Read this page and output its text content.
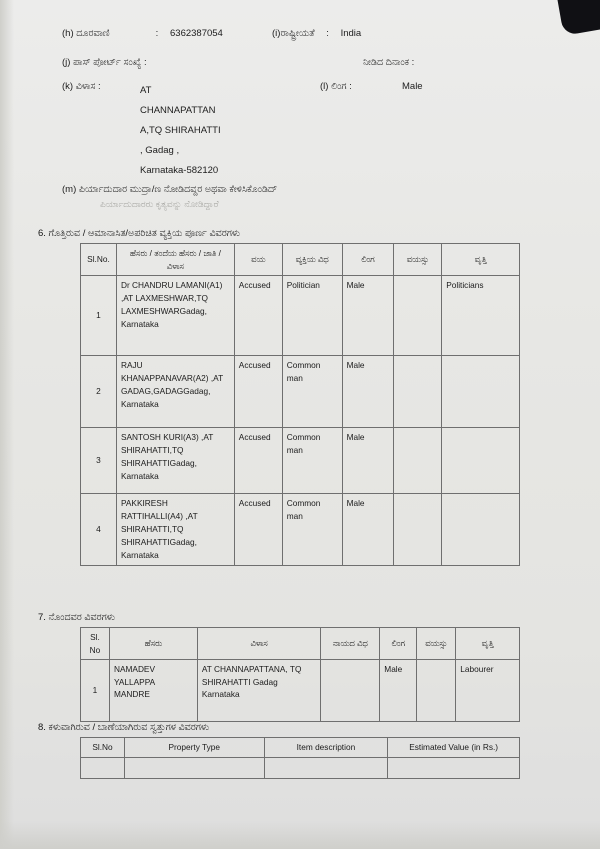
(h) ದೂರವಾಣಿ	:	6362387054	(i)ರಾಷ್ಟ್ರೀಯತೆ	:	India
(j) ಪಾಸ್ ಪೋರ್ಟ್ ಸಂಖ್ಯೆ :	ನೀಡಿದ ದಿನಾಂಕ :
(k) ವಿಳಾಸ :	(l) ಲಿಂಗ :	Male
AT
CHANNAPATTAN
A,TQ SHIRAHATTI
, Gadag ,
Karnataka-582120
(m) ಪಿರ್ಯಾದುದಾರ ಮುದ್ರಾ/ಣ ನೋಡಿದವ್ದರ ಅಥವಾ ಕೇಳಿಸಿಕೊಂಡಿದ್
ಪಿರ್ಯಾದುದಾರರು ಕೃತ್ಯವನ್ನು ನೋಡಿದ್ದಾರೆ
6. ಗೊತ್ತಿರುವ / ಆಮಾನಾಸಿತ/ಅಪರಿಚಿತ ವ್ಯಕ್ತಿಯ ಪೂರ್ಣ ವಿವರಗಳು
Sl.No.	ಹೆಸರು / ತಂದೆಯ ಹೆಸರು / ಜಾತಿ / ವಿಳಾಸ	ವಯ	ವ್ಯಕ್ತಿಯ ವಿಧ	ಲಿಂಗ	ವಯಸ್ಸು	ವೃತ್ತಿ
1	Dr CHANDRU LAMANI(A1) ,AT LAXMESHWAR,TQ LAXMESHWARGadag, Karnataka	Accused	Politician	Male		Politicians
2	RAJU KHANAPPANAVAR(A2) ,AT GADAG,GADAGGadag, Karnataka	Accused	Common man	Male		
3	SANTOSH KURI(A3) ,AT SHIRAHATTI,TQ SHIRAHATTIGadag, Karnataka	Accused	Common man	Male		
4	PAKKIRESH RATTIHALLI(A4) ,AT SHIRAHATTI,TQ SHIRAHATTIGadag, Karnataka	Accused	Common man	Male		
7. ನೊಂದವರ ವಿವರಗಳು
Sl. No	ಹೆಸರು	ವಿಳಾಸ	ನಾಯದ ವಿಧ	ಲಿಂಗ	ವಯಸ್ಸು	ವೃತ್ತಿ
1	NAMADEV YALLAPPA MANDRE	AT CHANNAPATTANA, TQ SHIRAHATTI Gadag Karnataka		Male		Labourer
8. ಕಳುವಾಗಿರುವ / ಬಾಣೆಯಾಗಿರುವ ಸ್ವತ್ತುಗಳ ವಿವರಗಳು
Sl.No	Property Type	Item description	Estimated Value (in Rs.)
